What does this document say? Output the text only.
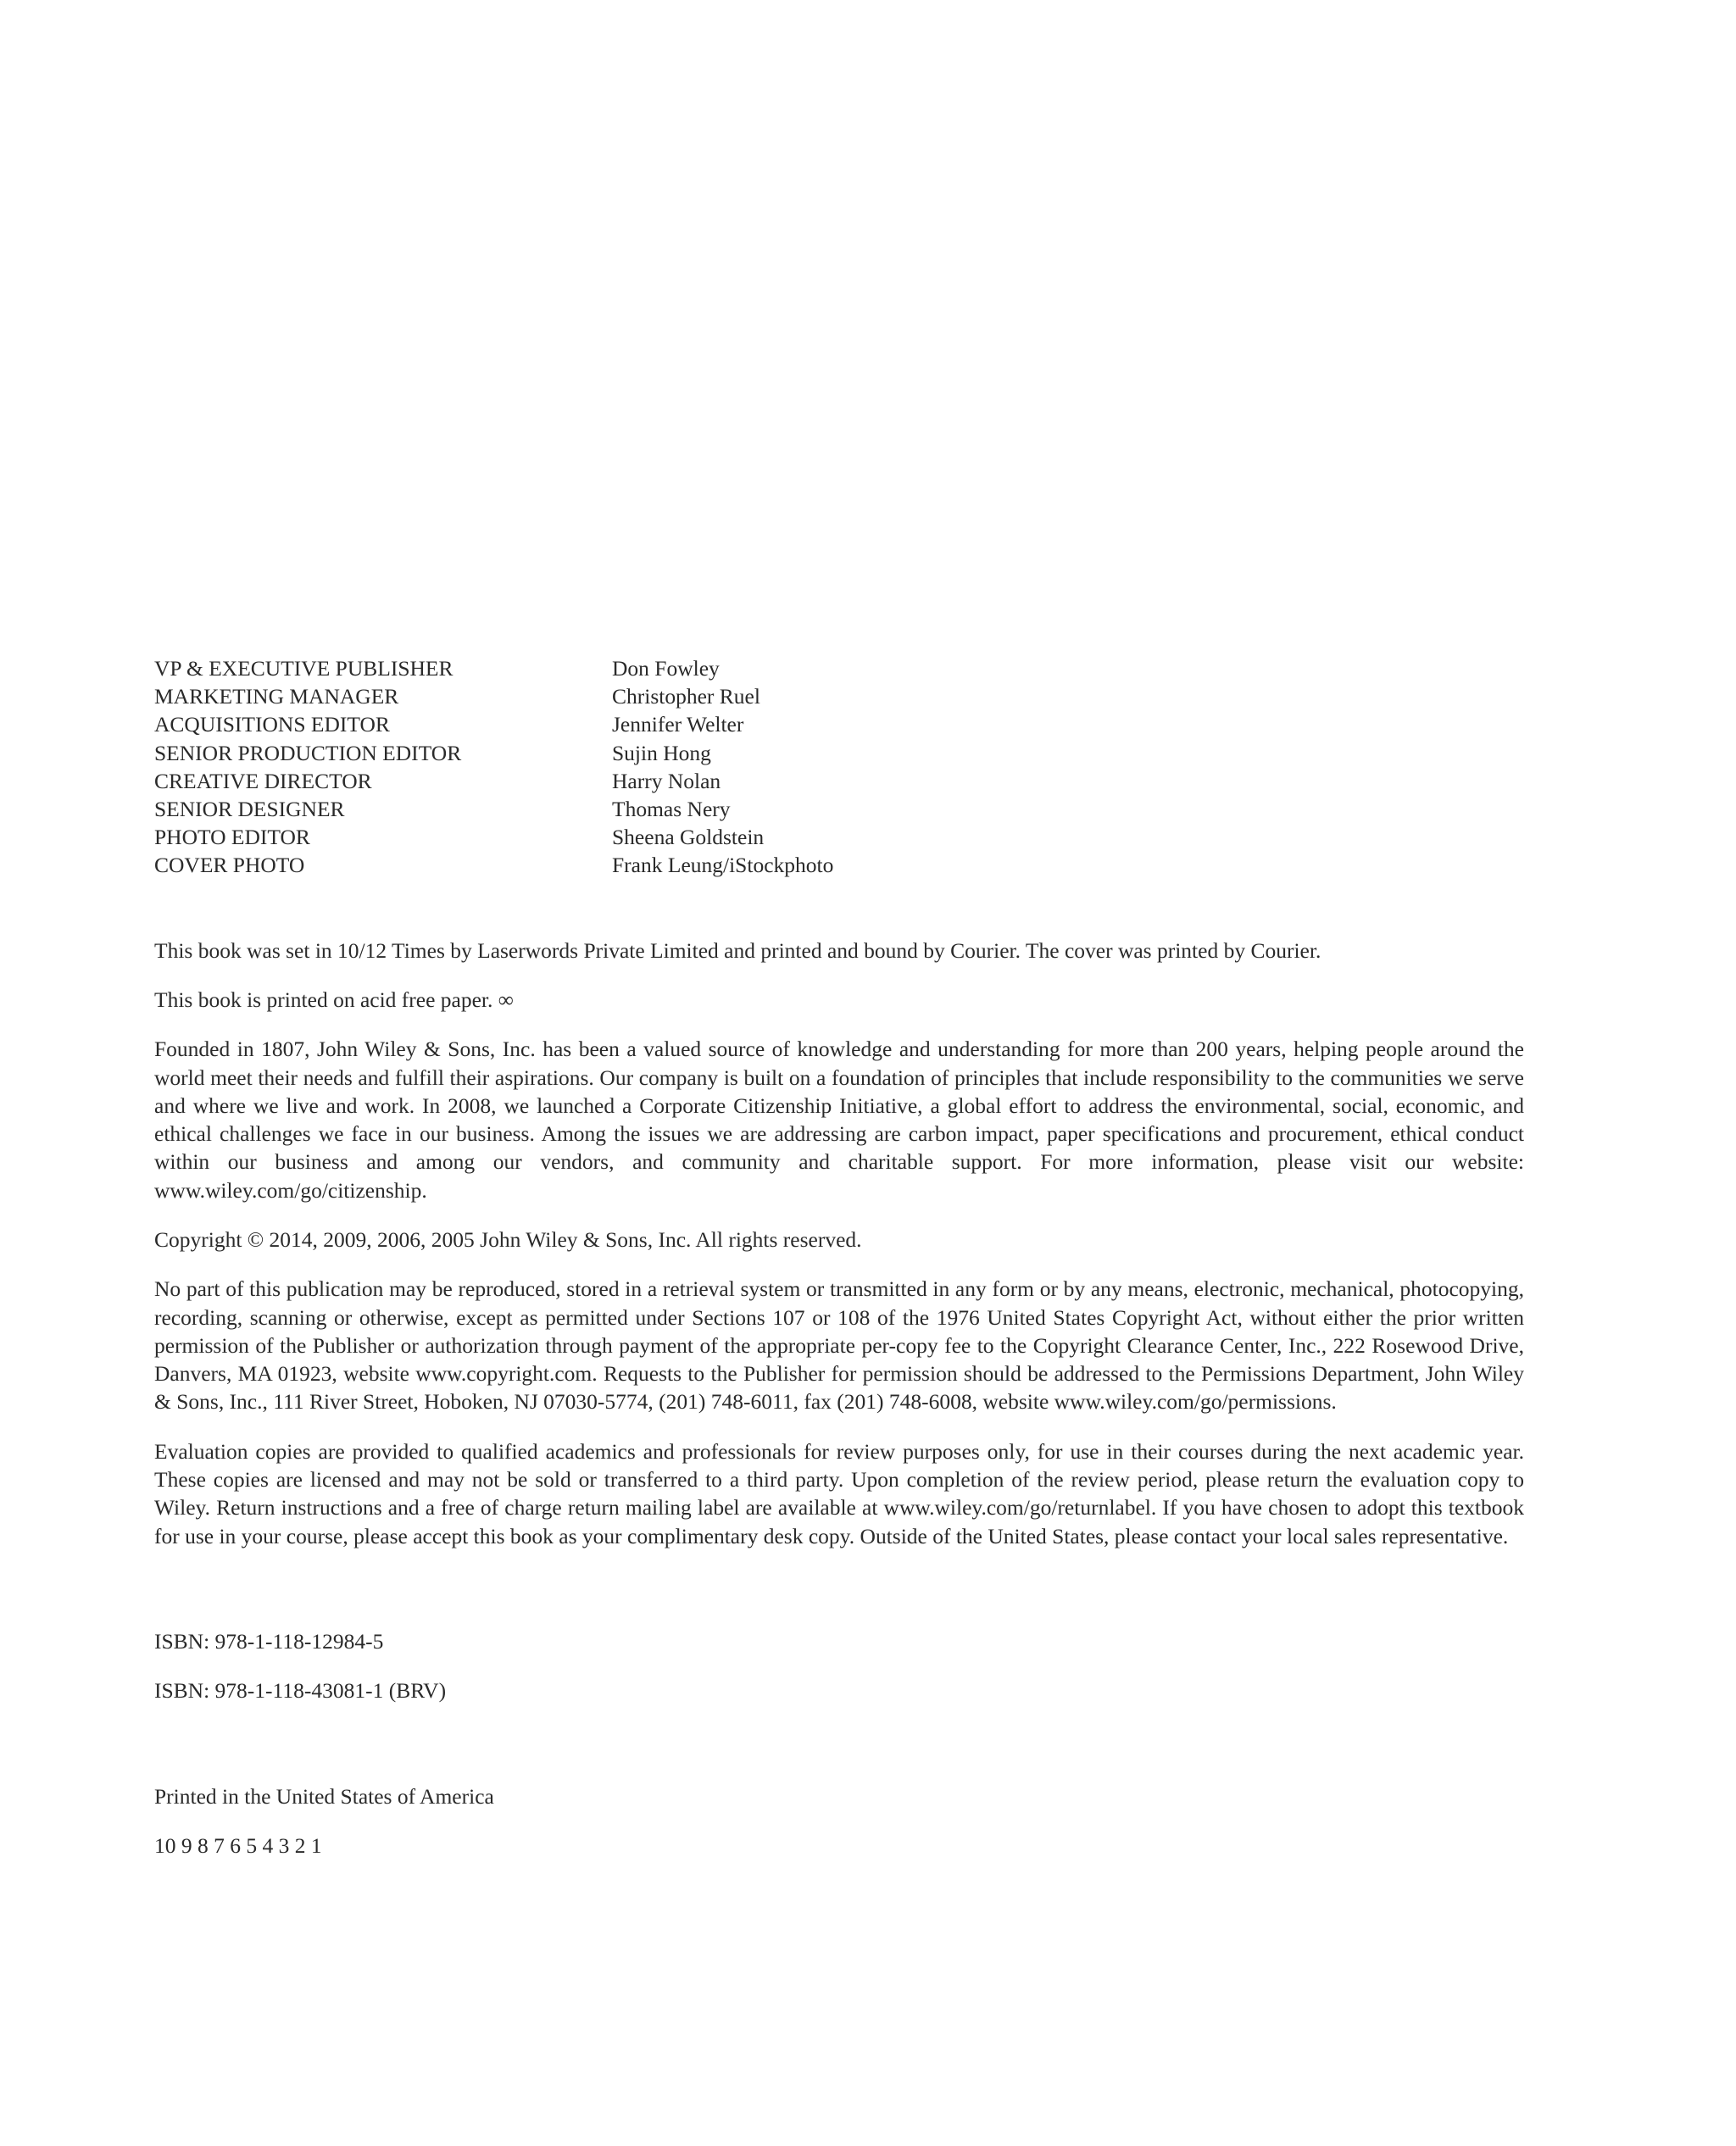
VP & EXECUTIVE PUBLISHER	Don Fowley
MARKETING MANAGER	Christopher Ruel
ACQUISITIONS EDITOR	Jennifer Welter
SENIOR PRODUCTION EDITOR	Sujin Hong
CREATIVE DIRECTOR	Harry Nolan
SENIOR DESIGNER	Thomas Nery
PHOTO EDITOR	Sheena Goldstein
COVER PHOTO	Frank Leung/iStockphoto

This book was set in 10/12 Times by Laserwords Private Limited and printed and bound by Courier. The cover was printed by Courier.

This book is printed on acid free paper. ∞

Founded in 1807, John Wiley & Sons, Inc. has been a valued source of knowledge and understanding for more than 200 years, helping people around the world meet their needs and fulfill their aspirations. Our company is built on a foundation of principles that include responsibility to the communities we serve and where we live and work. In 2008, we launched a Corporate Citizenship Initiative, a global effort to address the environmental, social, economic, and ethical challenges we face in our business. Among the issues we are addressing are carbon impact, paper specifications and procurement, ethical conduct within our business and among our vendors, and community and charitable support. For more information, please visit our website: www.wiley.com/go/citizenship.

Copyright © 2014, 2009, 2006, 2005 John Wiley & Sons, Inc. All rights reserved.

No part of this publication may be reproduced, stored in a retrieval system or transmitted in any form or by any means, electronic, mechanical, photocopying, recording, scanning or otherwise, except as permitted under Sections 107 or 108 of the 1976 United States Copyright Act, without either the prior written permission of the Publisher or authorization through payment of the appropriate per-copy fee to the Copyright Clearance Center, Inc., 222 Rosewood Drive, Danvers, MA 01923, website www.copyright.com. Requests to the Publisher for permission should be addressed to the Permissions Department, John Wiley & Sons, Inc., 111 River Street, Hoboken, NJ 07030-5774, (201) 748-6011, fax (201) 748-6008, website www.wiley.com/go/permissions.

Evaluation copies are provided to qualified academics and professionals for review purposes only, for use in their courses during the next academic year. These copies are licensed and may not be sold or transferred to a third party. Upon completion of the review period, please return the evaluation copy to Wiley. Return instructions and a free of charge return mailing label are available at www.wiley.com/go/returnlabel. If you have chosen to adopt this textbook for use in your course, please accept this book as your complimentary desk copy. Outside of the United States, please contact your local sales representative.

ISBN: 978-1-118-12984-5

ISBN: 978-1-118-43081-1 (BRV)

Printed in the United States of America

10 9 8 7 6 5 4 3 2 1
